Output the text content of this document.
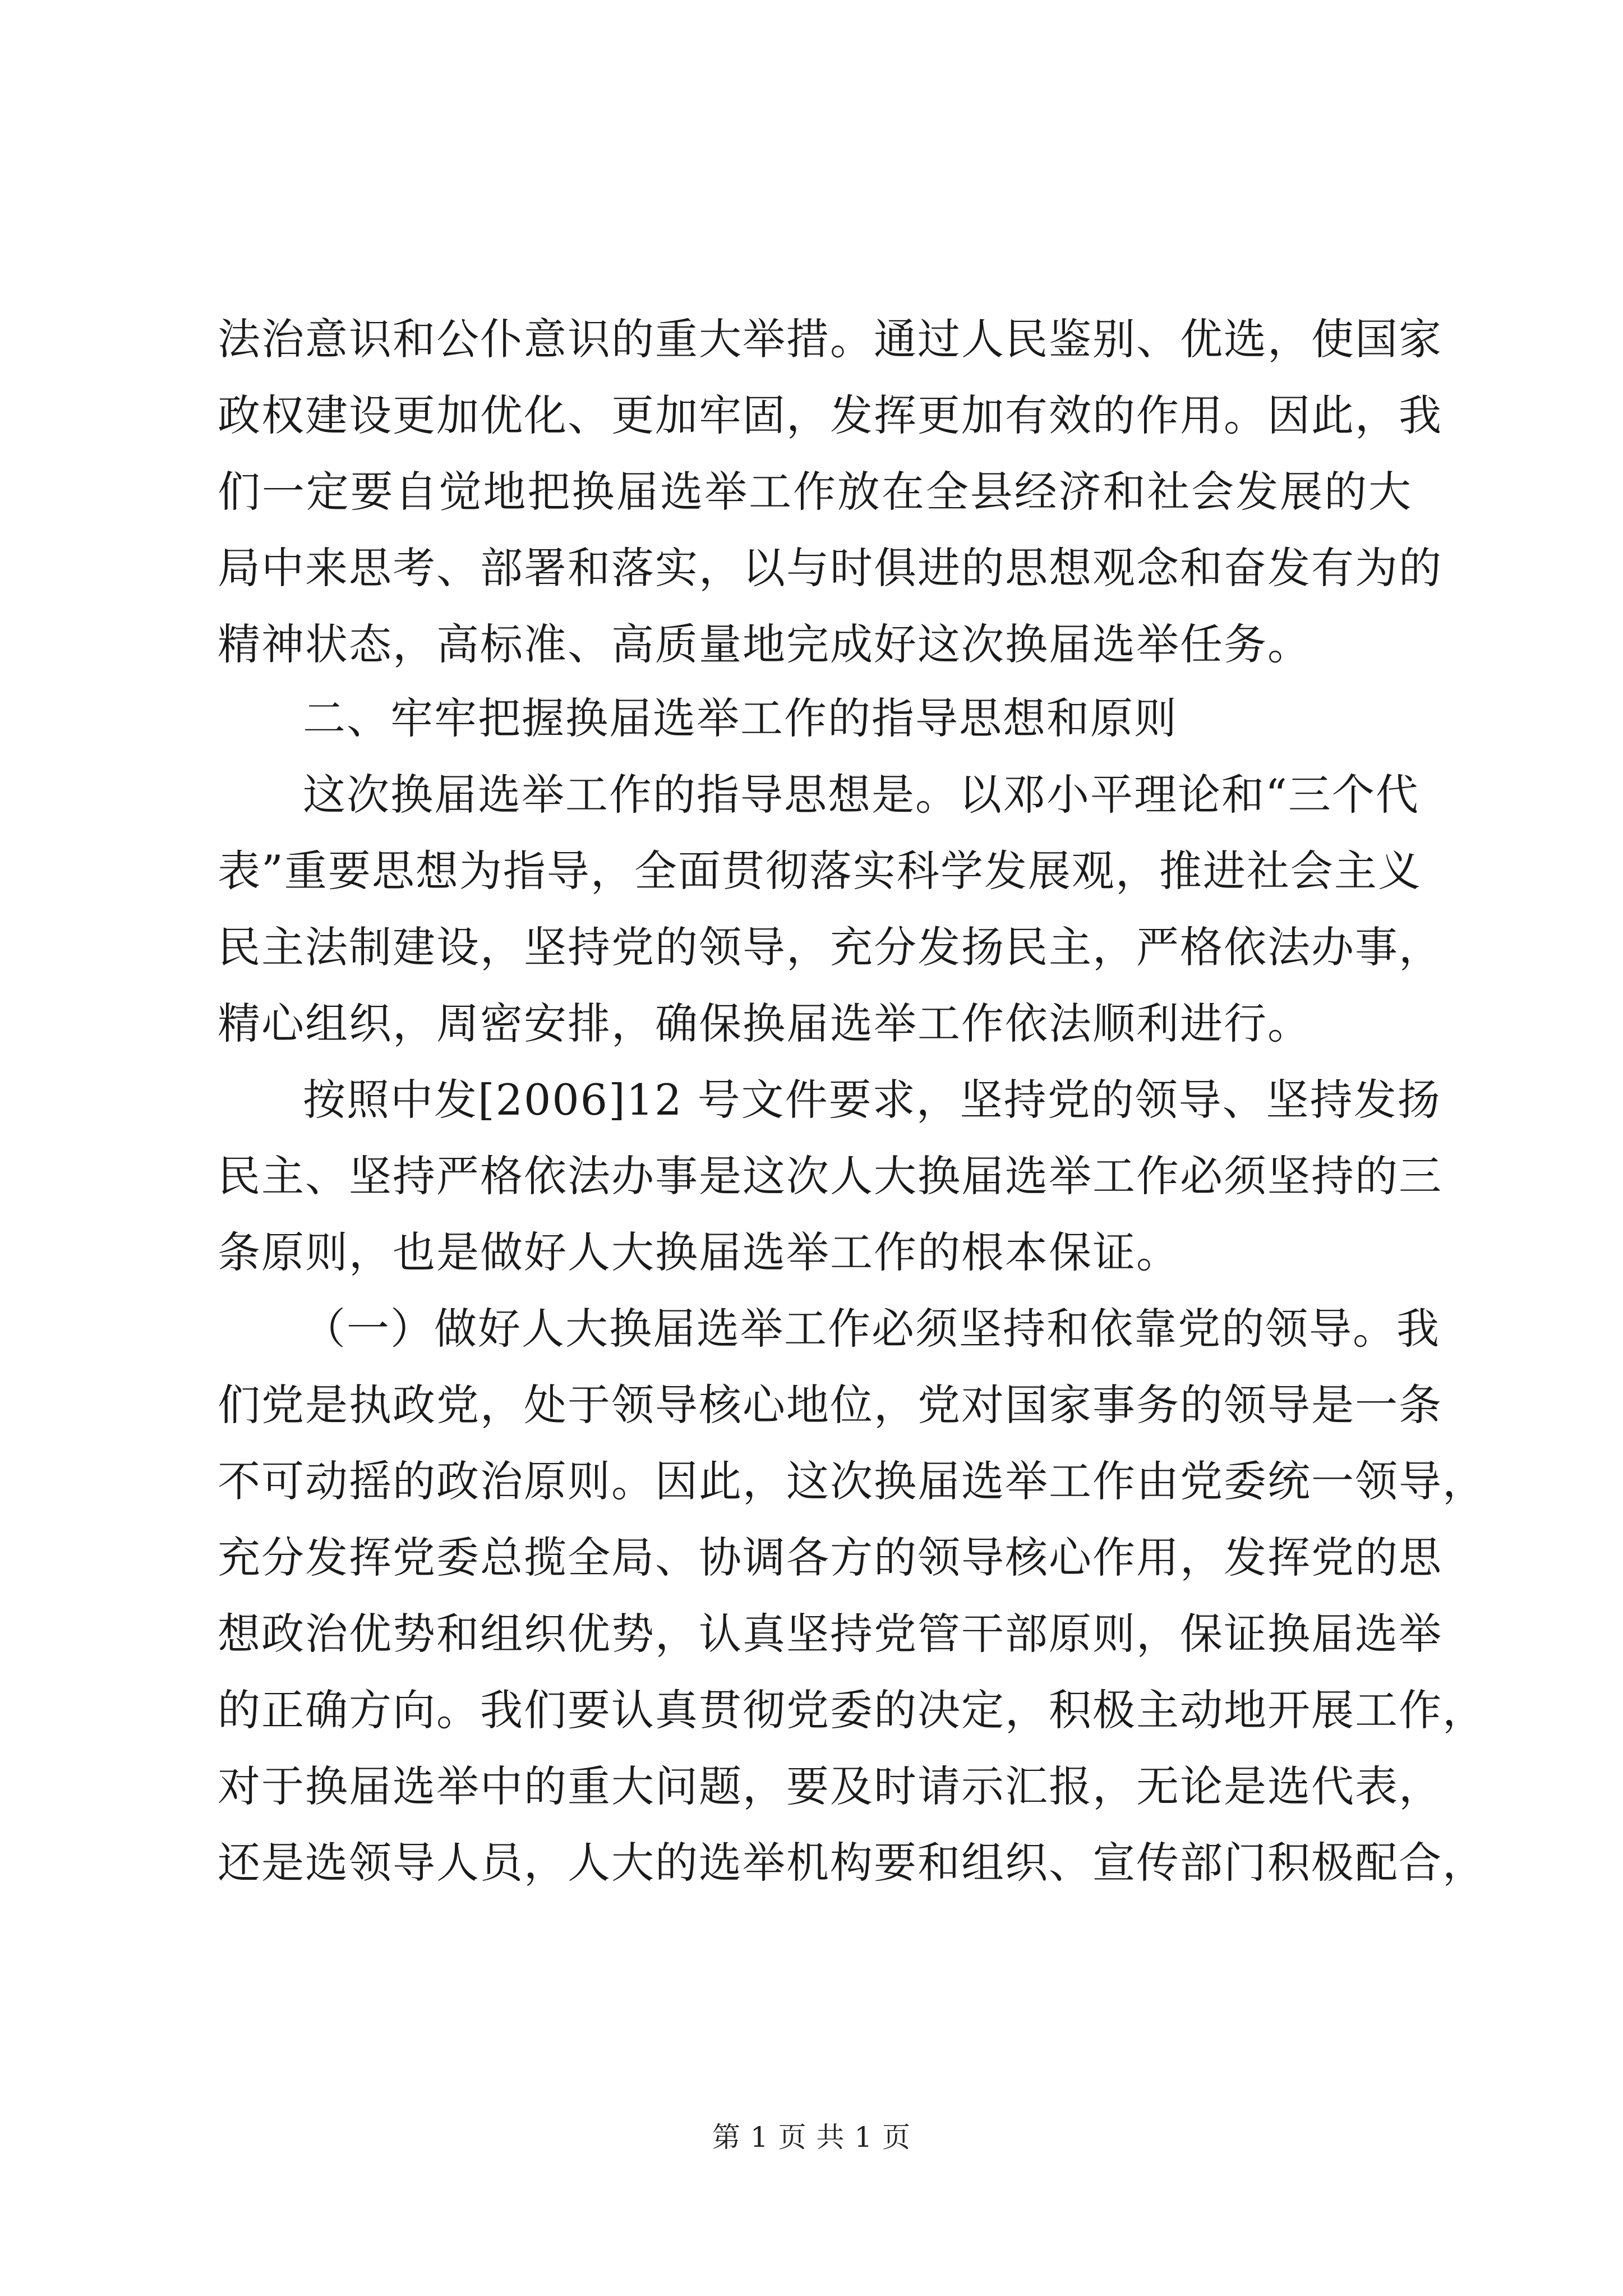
法治意识和公仆意识的重大举措。通过人民鉴别、优选，使国家
政权建设更加优化、更加牢固，发挥更加有效的作用。因此，我
们一定要自觉地把换届选举工作放在全县经济和社会发展的大
局中来思考、部署和落实，以与时俱进的思想观念和奋发有为的
精神状态，高标准、高质量地完成好这次换届选举任务。
二、牢牢把握换届选举工作的指导思想和原则
这次换届选举工作的指导思想是。以邓小平理论和“三个代
表”重要思想为指导，全面贯彻落实科学发展观，推进社会主义
民主法制建设，坚持党的领导，充分发扬民主，严格依法办事，
精心组织，周密安排，确保换届选举工作依法顺利进行。
按照中发[2006]12 号文件要求，坚持党的领导、坚持发扬
民主、坚持严格依法办事是这次人大换届选举工作必须坚持的三
条原则，也是做好人大换届选举工作的根本保证。
（一）做好人大换届选举工作必须坚持和依靠党的领导。我
们党是执政党，处于领导核心地位，党对国家事务的领导是一条
不可动摇的政治原则。因此，这次换届选举工作由党委统一领导，
充分发挥党委总揽全局、协调各方的领导核心作用，发挥党的思
想政治优势和组织优势，认真坚持党管干部原则，保证换届选举
的正确方向。我们要认真贯彻党委的决定，积极主动地开展工作，
对于换届选举中的重大问题，要及时请示汇报，无论是选代表，
还是选领导人员，人大的选举机构要和组织、宣传部门积极配合，
第 1 页 共 1 页
